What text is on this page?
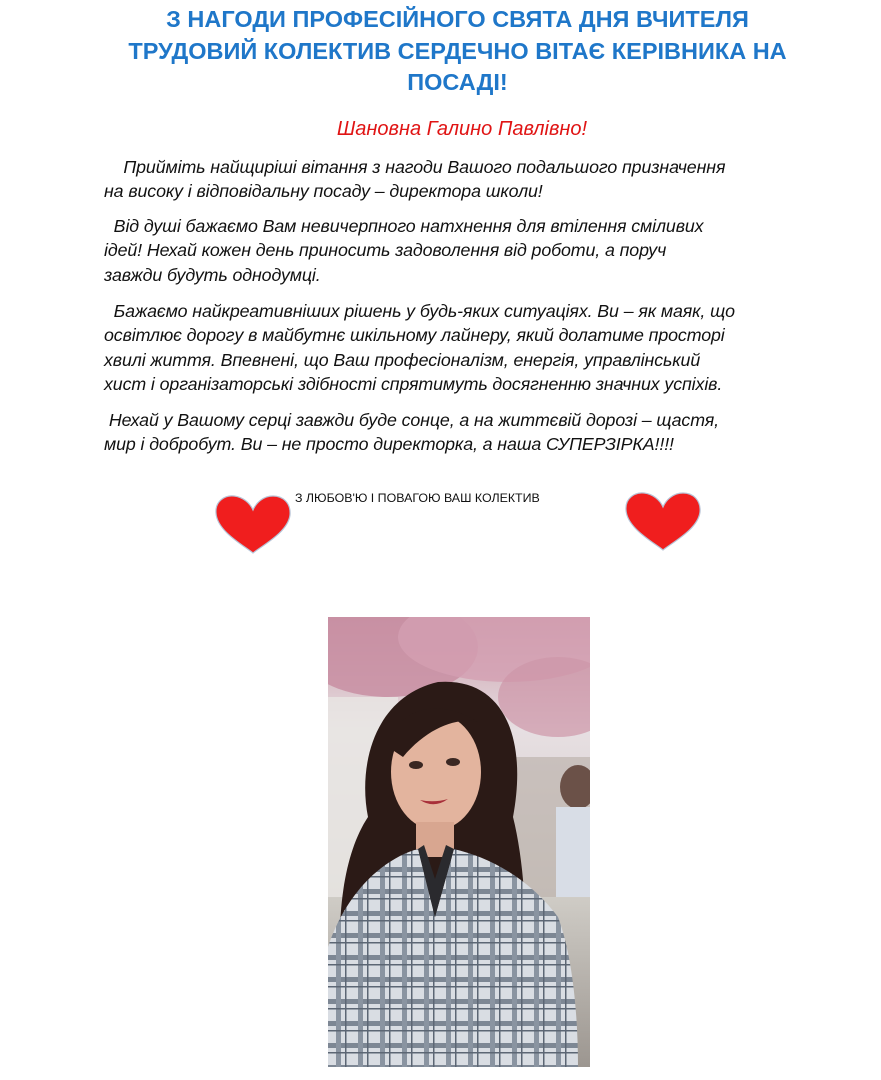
З НАГОДИ ПРОФЕСІЙНОГО СВЯТА ДНЯ ВЧИТЕЛЯ
ТРУДОВИЙ КОЛЕКТИВ СЕРДЕЧНО ВІТАЄ КЕРІВНИКА НА
ПОСАДІ!
Шановна Галино Павлівно!
Прийміть найщиріші вітання з нагоди Вашого подальшого призначення
на високу і відповідальну посаду – директора школи!
Від душі бажаємо Вам невичерпного натхнення для втілення сміливих
ідей! Нехай кожен день приносить задоволення від роботи, а поруч
завжди будуть однодумці.
Бажаємо найкреативніших рішень у будь-яких ситуаціях. Ви – як маяк, що
освітлює дорогу в майбутнє шкільному лайнеру, який долатиме просторі
хвилі життя. Впевнені, що Ваш професіоналізм, енергія, управлінський
хист і організаторські здібності спрятимуть досягненню значних успіхів.
Нехай у Вашому серці завжди буде сонце, а на життєвій дорозі – щастя,
мир і добробут. Ви – не просто директорка, а наша СУПЕРЗІРКА!!!!
З ЛЮБОВ'Ю І ПОВАГОЮ ВАШ КОЛЕКТИВ
